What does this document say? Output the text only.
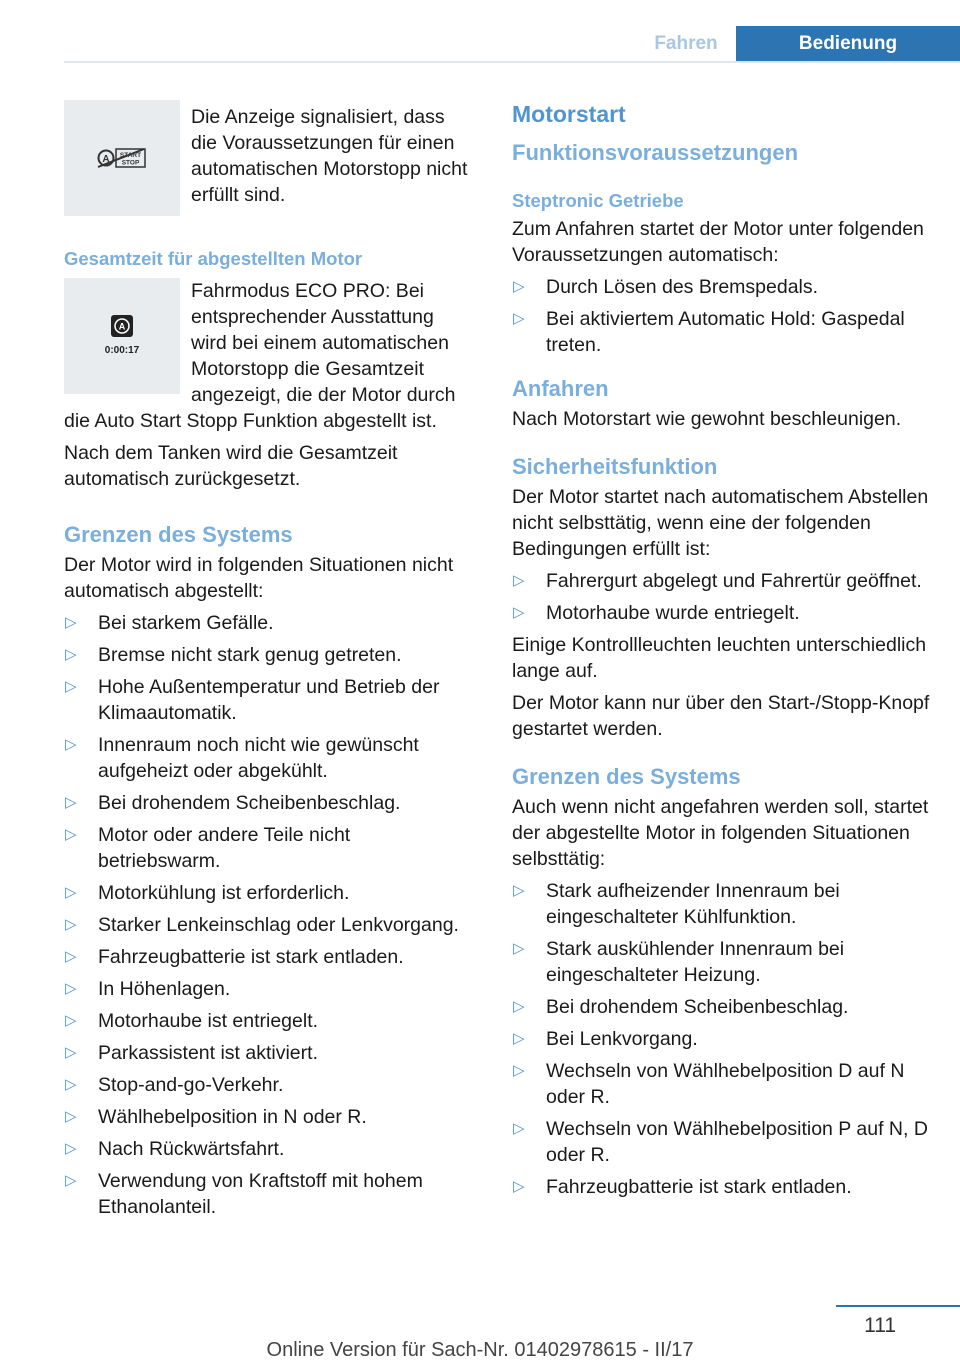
Fahren	Bedienung
A START
STOP
Die Anzeige signalisiert, dass die Voraussetzungen für einen automatischen Motorstopp nicht erfüllt sind.
Gesamtzeit für abgestellten Motor
A
0:00:17

Fahrmodus ECO PRO: Bei entsprechender Ausstattung wird bei einem automatischen Motorstopp die Gesamtzeit angezeigt, die der Motor durch die Auto Start Stopp Funktion abgestellt ist.

Nach dem Tanken wird die Gesamtzeit automatisch zurückgesetzt.

Grenzen des Systems

Der Motor wird in folgenden Situationen nicht automatisch abgestellt:

▷ Bei starkem Gefälle.
▷ Bremse nicht stark genug getreten.
▷ Hohe Außentemperatur und Betrieb der Klimaautomatik.
▷ Innenraum noch nicht wie gewünscht aufgeheizt oder abgekühlt.
▷ Bei drohendem Scheibenbeschlag.
▷ Motor oder andere Teile nicht betriebswarm.
▷ Motorkühlung ist erforderlich.
▷ Starker Lenkeinschlag oder Lenkvorgang.
▷ Fahrzeugbatterie ist stark entladen.
▷ In Höhenlagen.
▷ Motorhaube ist entriegelt.
▷ Parkassistent ist aktiviert.
▷ Stop-and-go-Verkehr.
▷ Wählhebelposition in N oder R.
▷ Nach Rückwärtsfahrt.
▷ Verwendung von Kraftstoff mit hohem Ethanolanteil.
Motorstart
Funktionsvoraussetzungen
Steptronic Getriebe

Zum Anfahren startet der Motor unter folgenden Voraussetzungen automatisch:

▷ Durch Lösen des Bremspedals.
▷ Bei aktiviertem Automatic Hold: Gaspedal treten.
Anfahren

Nach Motorstart wie gewohnt beschleunigen.

Sicherheitsfunktion

Der Motor startet nach automatischem Abstellen nicht selbsttätig, wenn eine der folgenden Bedingungen erfüllt ist:

▷ Fahrergurt abgelegt und Fahrertür geöffnet.
▷ Motorhaube wurde entriegelt.

Einige Kontrollleuchten leuchten unterschiedlich lange auf.

Der Motor kann nur über den Start-/Stopp-Knopf gestartet werden.

Grenzen des Systems

Auch wenn nicht angefahren werden soll, startet der abgestellte Motor in folgenden Situationen selbsttätig:

▷ Stark aufheizender Innenraum bei eingeschalteter Kühlfunktion.
▷ Stark auskühlender Innenraum bei eingeschalteter Heizung.
▷ Bei drohendem Scheibenbeschlag.
▷ Bei Lenkvorgang.
▷ Wechseln von Wählhebelposition D auf N oder R.
▷ Wechseln von Wählhebelposition P auf N, D oder R.
▷ Fahrzeugbatterie ist stark entladen.
111
Online Version für Sach-Nr. 01402978615 - II/17
